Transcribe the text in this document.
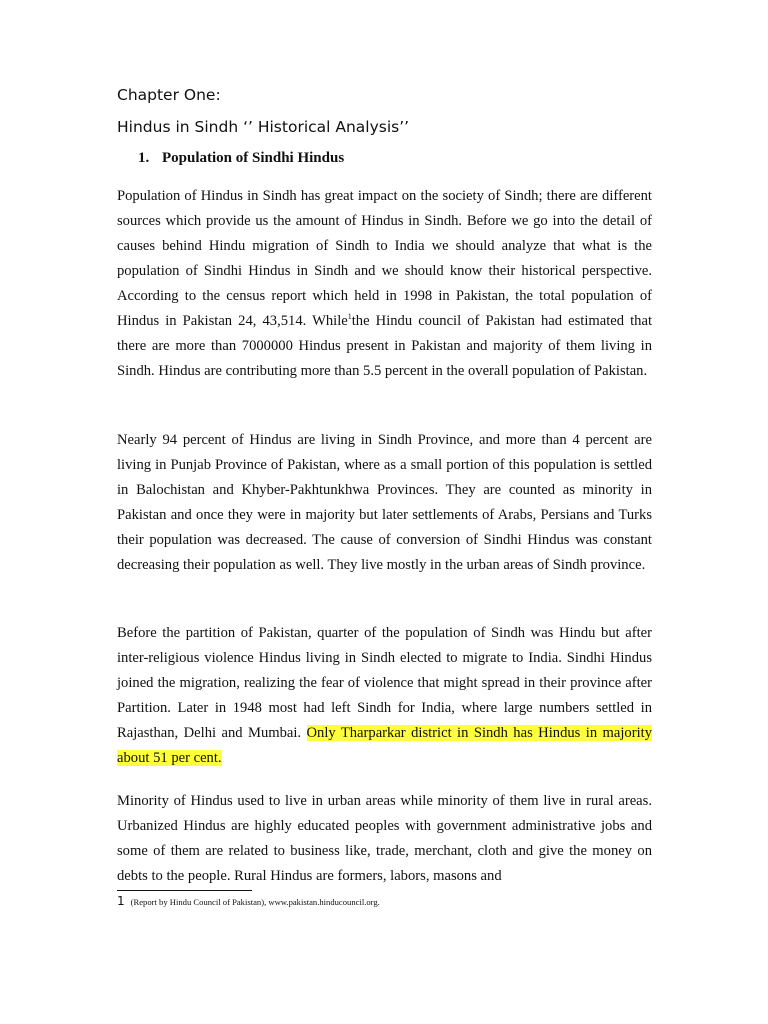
Chapter One:
Hindus in Sindh ‘’ Historical Analysis’’
1. Population of Sindhi Hindus

Population of Hindus in Sindh has great impact on the society of Sindh; there are different sources which provide us the amount of Hindus in Sindh. Before we go into the detail of causes behind Hindu migration of Sindh to India we should analyze that what is the population of Sindhi Hindus in Sindh and we should know their historical perspective. According to the census report which held in 1998 in Pakistan, the total population of Hindus in Pakistan 24, 43,514. While$^1$the Hindu council of Pakistan had estimated that there are more than 7000000 Hindus present in Pakistan and majority of them living in Sindh. Hindus are contributing more than 5.5 percent in the overall population of Pakistan.

Nearly 94 percent of Hindus are living in Sindh Province, and more than 4 percent are living in Punjab Province of Pakistan, where as a small portion of this population is settled in Balochistan and Khyber-Pakhtunkhwa Provinces. They are counted as minority in Pakistan and once they were in majority but later settlements of Arabs, Persians and Turks their population was decreased. The cause of conversion of Sindhi Hindus was constant decreasing their population as well. They live mostly in the urban areas of Sindh province.

Before the partition of Pakistan, quarter of the population of Sindh was Hindu but after inter-religious violence Hindus living in Sindh elected to migrate to India. Sindhi Hindus joined the migration, realizing the fear of violence that might spread in their province after Partition. Later in 1948 most had left Sindh for India, where large numbers settled in Rajasthan, Delhi and Mumbai. Only Tharparkar district in Sindh has Hindus in majority about 51 per cent.

Minority of Hindus used to live in urban areas while minority of them live in rural areas. Urbanized Hindus are highly educated peoples with government administrative jobs and some of them are related to business like, trade, merchant, cloth and give the money on debts to the people. Rural Hindus are formers, labors, masons and

1 (Report by Hindu Council of Pakistan), www.pakistan.hinducouncil.org.
